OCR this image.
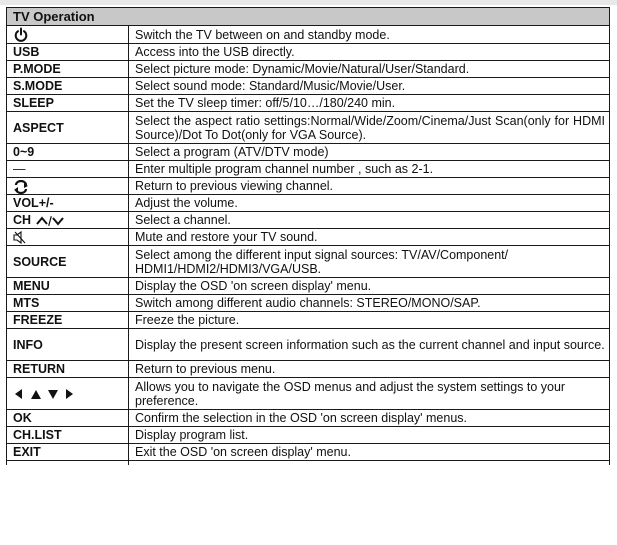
TV Operation	
	Switch the TV between on and standby mode.
USB	Access into the USB directly.
P.MODE	Select picture mode: Dynamic/Movie/Natural/User/Standard.
S.MODE	Select sound mode: Standard/Music/Movie/User.
SLEEP	Set the TV sleep timer: off/5/10…/180/240 min.
ASPECT	Select the aspect ratio settings:Normal/Wide/Zoom/Cinema/Just Scan(only for HDMI Source)/Dot To Dot(only for VGA Source).
0~9	Select a program (ATV/DTV mode)
—	Enter multiple program channel number , such as 2-1.
	Return to previous viewing channel.
VOL+/-	Adjust the volume.
CH	Select a channel.
	Mute and restore your TV sound.
SOURCE	Select among the different input signal sources: TV/AV/Component/ HDMI1/HDMI2/HDMI3/VGA/USB.
MENU	Display the OSD 'on screen display' menu.
MTS	Switch among different audio channels: STEREO/MONO/SAP.
FREEZE	Freeze the picture.
INFO	Display the present screen information such as the current channel and input source.
RETURN	Return to previous menu.
	Allows you to navigate the OSD menus and adjust the system settings to your preference.
OK	Confirm the selection in the OSD 'on screen display' menus.
CH.LIST	Display program list.
EXIT	Exit the OSD 'on screen display' menu.
